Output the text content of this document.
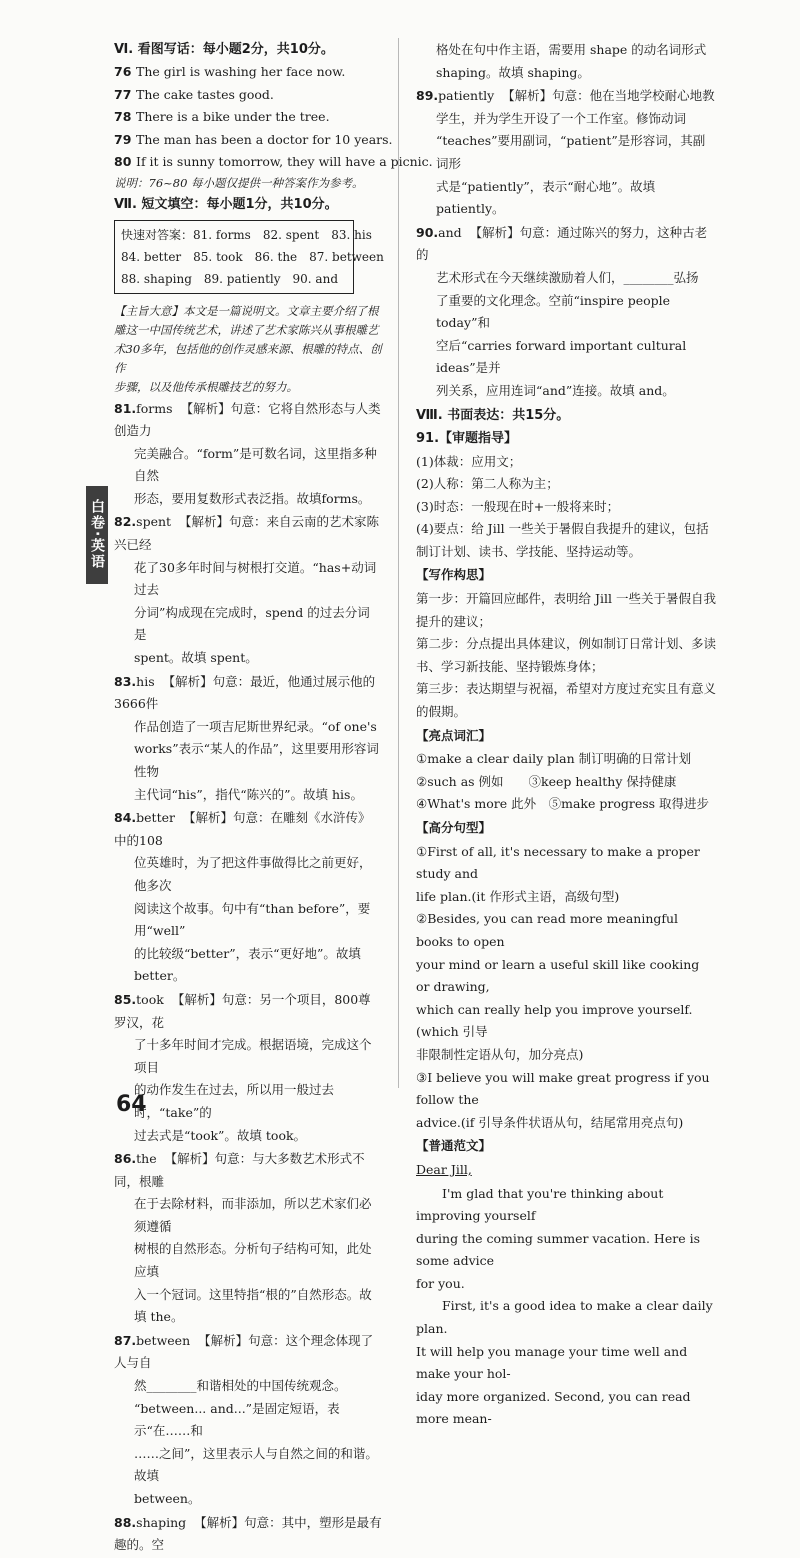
白卷·英语
Ⅵ. 看图写话：每小题2分，共10分。
76 The girl is washing her face now.
77 The cake tastes good.
78 There is a bike under the tree.
79 The man has been a doctor for 10 years.
80 If it is sunny tomorrow, they will have a picnic.
说明：76~80 每小题仅提供一种答案作为参考。
Ⅶ. 短文填空：每小题1分，共10分。
快速对答案：81. forms　82. spent　83. his
84. better　85. took　86. the　87. between
88. shaping　89. patiently　90. and
【主旨大意】本文是一篇说明文。文章主要介绍了根
雕这一中国传统艺术，讲述了艺术家陈兴从事根雕艺
术30多年，包括他的创作灵感来源、根雕的特点、创作
步骤，以及他传承根雕技艺的努力。
81.forms 【解析】句意：它将自然形态与人类创造力
完美融合。“form”是可数名词，这里指多种自然
形态，要用复数形式表泛指。故填forms。
82.spent 【解析】句意：来自云南的艺术家陈兴已经
花了30多年时间与树根打交道。“has+动词过去
分词”构成现在完成时，spend 的过去分词是
spent。故填 spent。
83.his 【解析】句意：最近，他通过展示他的3666件
作品创造了一项吉尼斯世界纪录。“of one's
works”表示“某人的作品”，这里要用形容词性物
主代词“his”，指代“陈兴的”。故填 his。
84.better 【解析】句意：在雕刻《水浒传》中的108
位英雄时，为了把这件事做得比之前更好，他多次
阅读这个故事。句中有“than before”，要用“well”
的比较级“better”，表示“更好地”。故填 better。
85.took 【解析】句意：另一个项目，800尊罗汉，花
了十多年时间才完成。根据语境，完成这个项目
的动作发生在过去，所以用一般过去时，“take”的
过去式是“took”。故填 took。
86.the 【解析】句意：与大多数艺术形式不同，根雕
在于去除材料，而非添加，所以艺术家们必须遵循
树根的自然形态。分析句子结构可知，此处应填
入一个冠词。这里特指“根的”自然形态。故
填 the。
87.between 【解析】句意：这个理念体现了人与自
然________和谐相处的中国传统观念。
“between... and...”是固定短语，表示“在……和
……之间”，这里表示人与自然之间的和谐。故填
between。
88.shaping 【解析】句意：其中，塑形是最有趣的。空
格处在句中作主语，需要用 shape 的动名词形式
shaping。故填 shaping。
89.patiently 【解析】句意：他在当地学校耐心地教
学生，并为学生开设了一个工作室。修饰动词
“teaches”要用副词，“patient”是形容词，其副词形
式是“patiently”，表示“耐心地”。故填 patiently。
90.and 【解析】句意：通过陈兴的努力，这种古老的
艺术形式在今天继续激励着人们，________弘扬
了重要的文化理念。空前“inspire people today”和
空后“carries forward important cultural ideas”是并
列关系，应用连词“and”连接。故填 and。
Ⅷ. 书面表达：共15分。
91.【审题指导】
(1)体裁：应用文；
(2)人称：第二人称为主；
(3)时态：一般现在时+一般将来时；
(4)要点：给 Jill 一些关于暑假自我提升的建议，包括
制订计划、读书、学技能、坚持运动等。
【写作构思】
第一步：开篇回应邮件，表明给 Jill 一些关于暑假自我
提升的建议；
第二步：分点提出具体建议，例如制订日常计划、多读
书、学习新技能、坚持锻炼身体；
第三步：表达期望与祝福，希望对方度过充实且有意义
的假期。
【亮点词汇】
①make a clear daily plan 制订明确的日常计划
②such as 例如　　③keep healthy 保持健康
④What's more 此外　⑤make progress 取得进步
【高分句型】
①First of all, it's necessary to make a proper study and
life plan.(it 作形式主语，高级句型)
②Besides, you can read more meaningful books to open
your mind or learn a useful skill like cooking or drawing,
which can really help you improve yourself.(which 引导
非限制性定语从句，加分亮点)
③I believe you will make great progress if you follow the
advice.(if 引导条件状语从句，结尾常用亮点句)
【普通范文】
Dear Jill,
I'm glad that you're thinking about improving yourself
during the coming summer vacation. Here is some advice
for you.
First, it's a good idea to make a clear daily plan.
It will help you manage your time well and make your hol-
iday more organized. Second, you can read more mean-
64
